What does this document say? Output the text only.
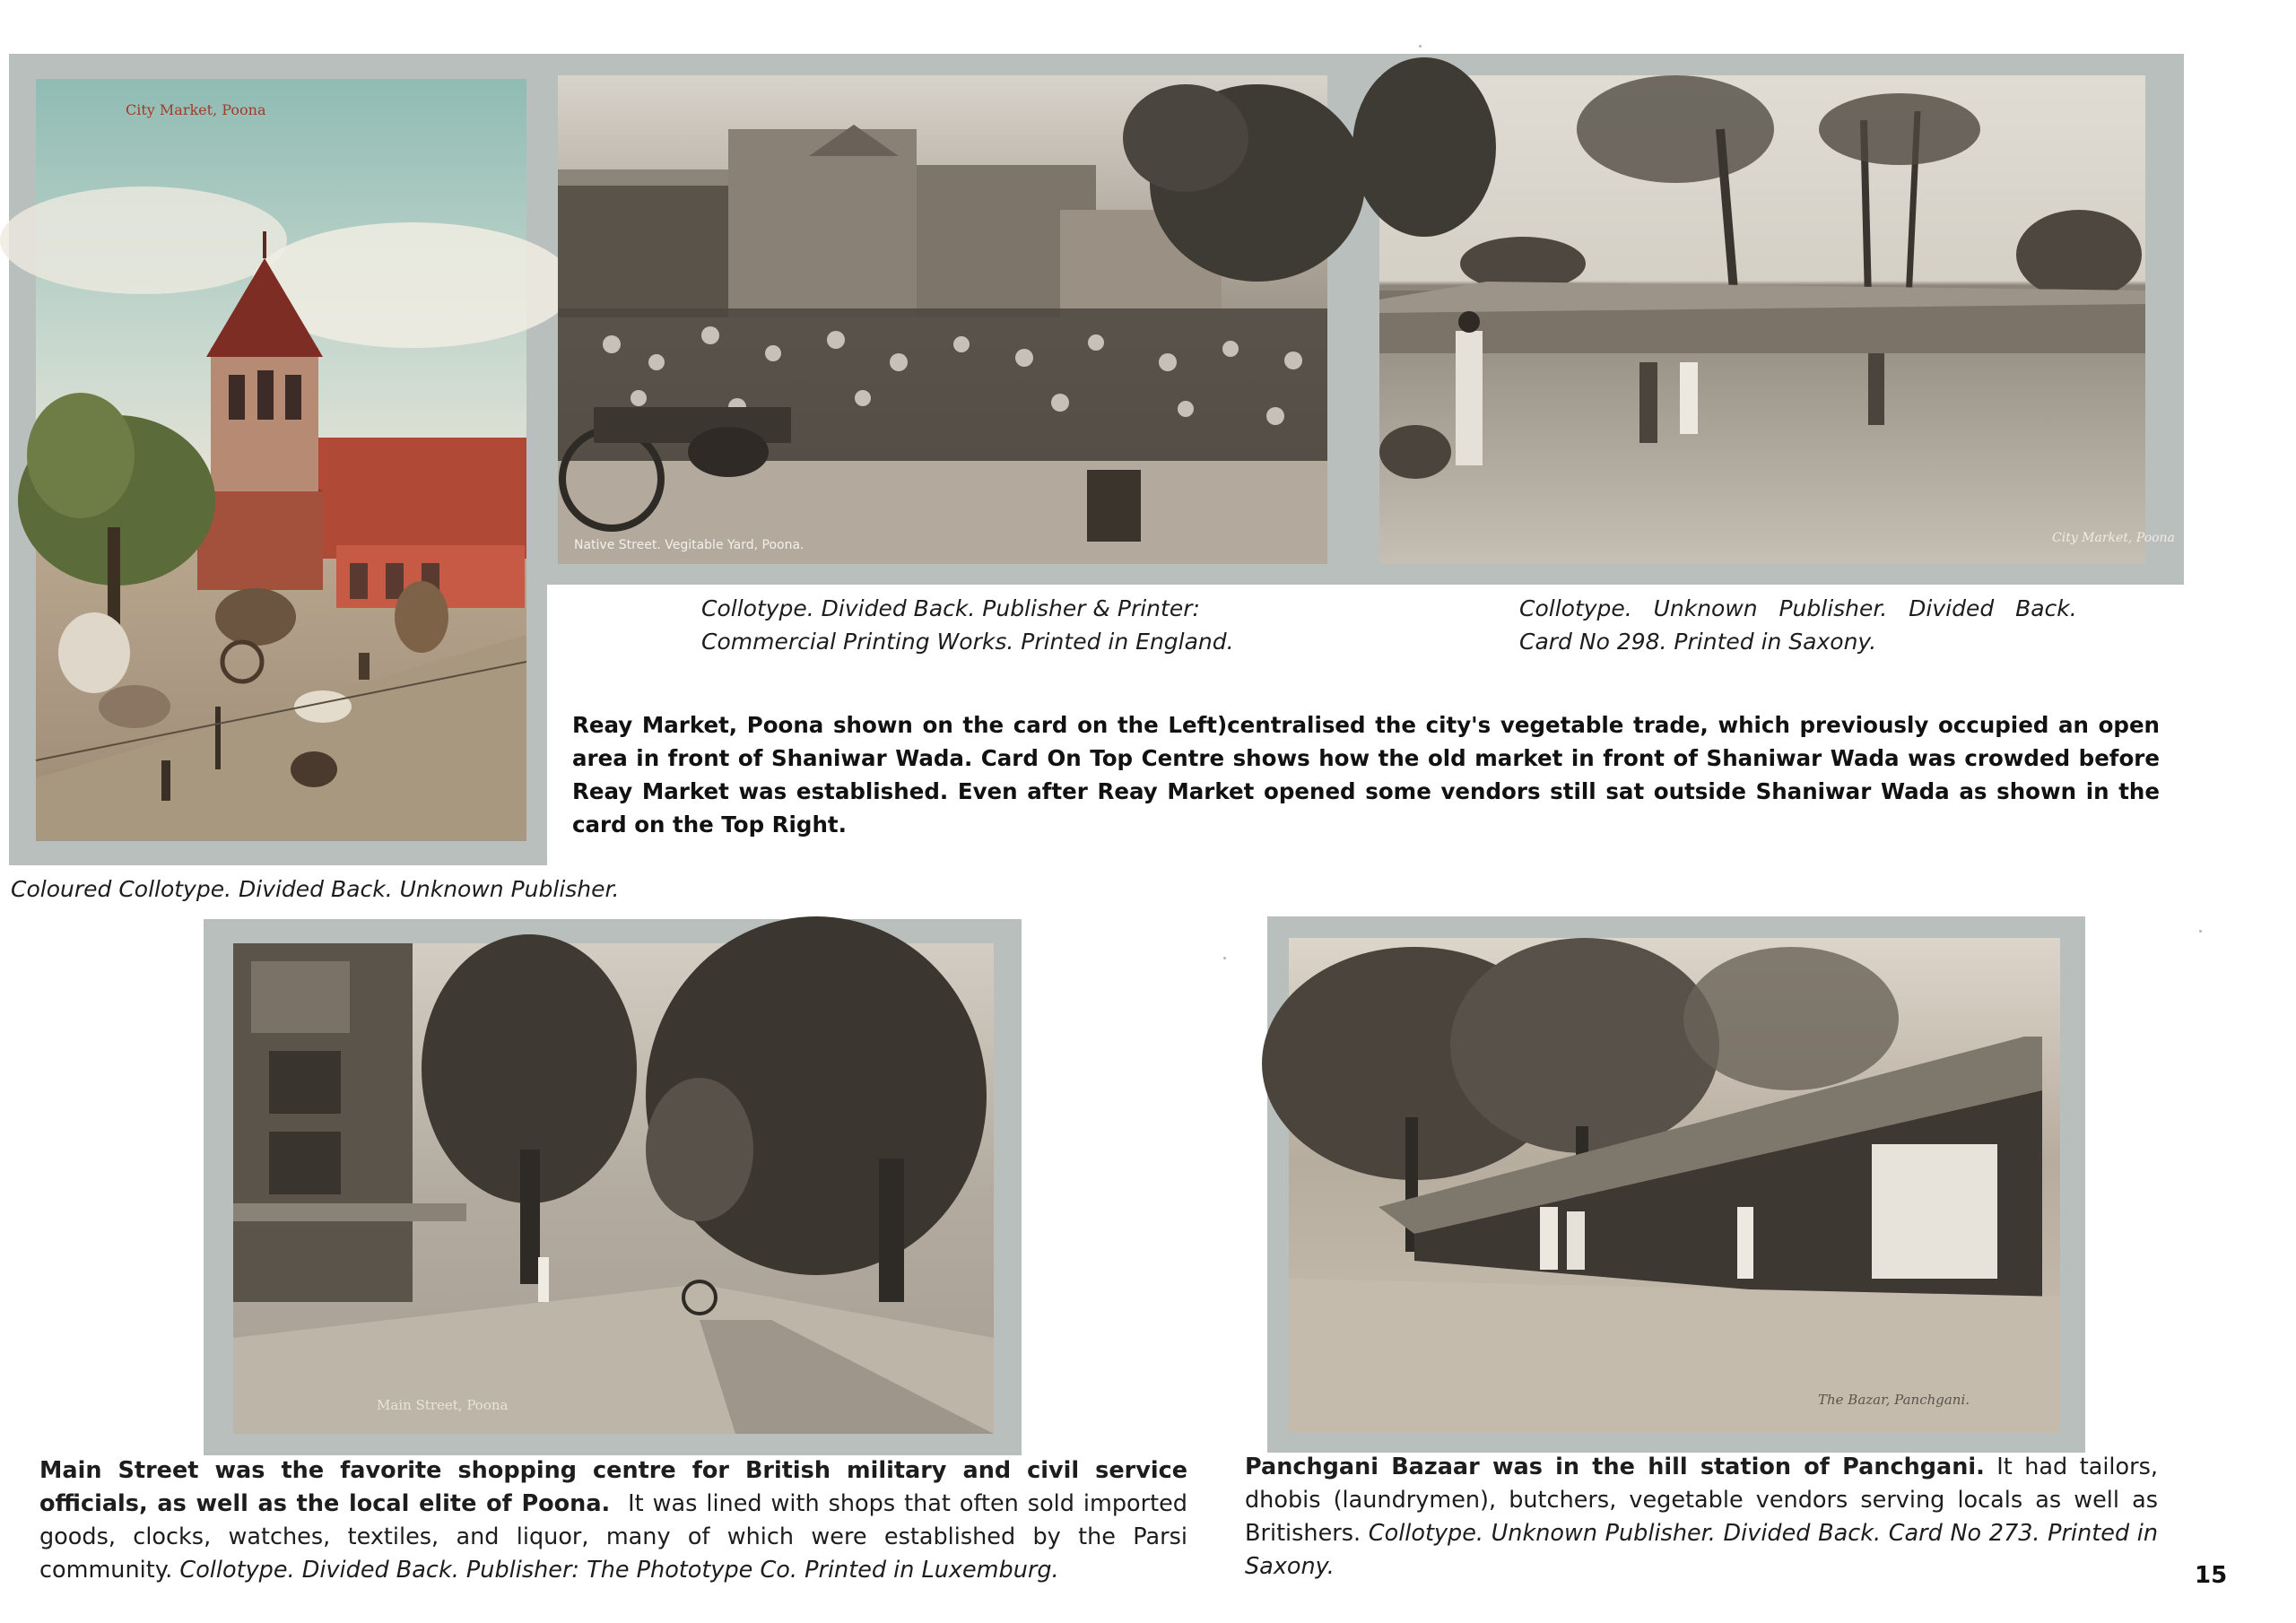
City Market, Poona
Native Street. Vegitable Yard, Poona.	City Market, Poona
Collotype. Divided Back. Publisher & Printer:
Commercial Printing Works. Printed in England.
Collotype.   Unknown   Publisher.   Divided   Back.
Card No 298. Printed in Saxony.
Reay Market, Poona shown on the card on the Left)centralised the city's vegetable trade, which previously occupied an open area in front of Shaniwar Wada. Card On Top Centre shows how the old market in front of Shaniwar Wada was crowded before Reay Market was established. Even after Reay Market opened some vendors still sat outside Shaniwar Wada as shown in the card on the Top Right.
Coloured Collotype. Divided Back. Unknown Publisher.
Main Street, Poona
Main Street was the favorite shopping centre for British military and civil service officials, as well as the local elite of Poona.  It was lined with shops that often sold imported goods, clocks, watches, textiles, and liquor, many of which were established by the Parsi community. Collotype. Divided Back. Publisher: The Phototype Co. Printed in Luxemburg.
The Bazar, Panchgani.
Panchgani Bazaar was in the hill station of Panchgani. It had tailors, dhobis (laundrymen), butchers, vegetable vendors serving locals as well as Britishers. Collotype. Unknown Publisher. Divided Back. Card No 273. Printed in Saxony.	15
